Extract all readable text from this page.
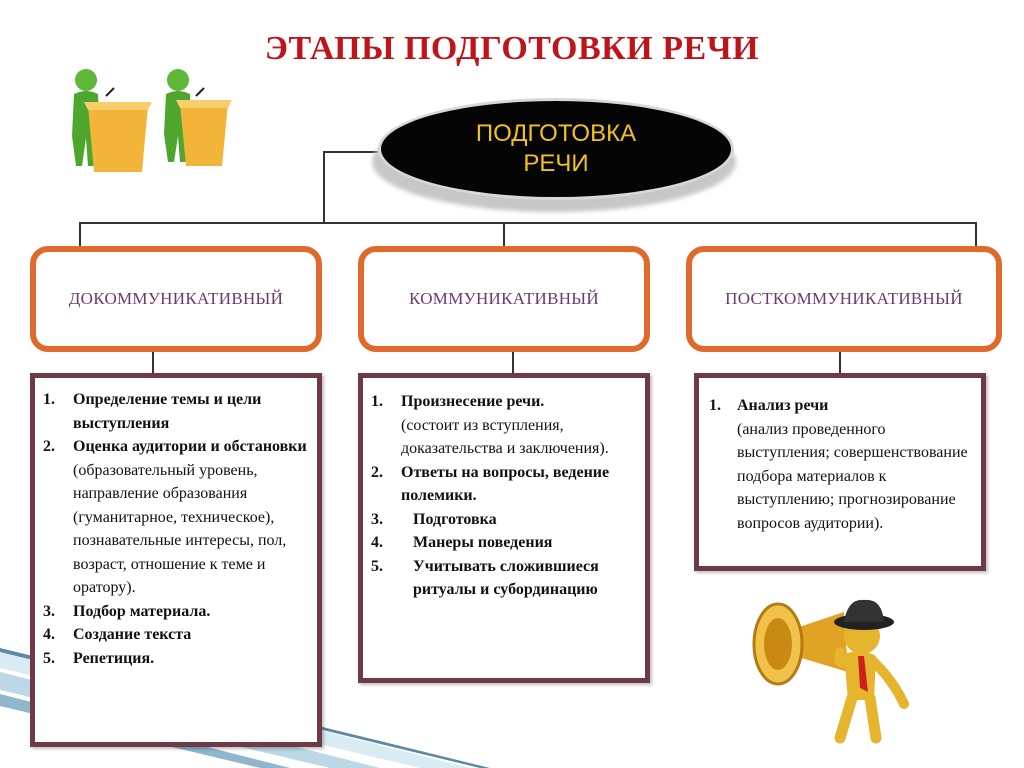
ЭТАПЫ ПОДГОТОВКИ РЕЧИ
ПОДГОТОВКА
РЕЧИ
ДОКОММУНИКАТИВНЫЙ	КОММУНИКАТИВНЫЙ	ПОСТКОММУНИКАТИВНЫЙ
1.	Определение темы и цели выступления
2.	Оценка аудитории и обстановки
(образовательный уровень, направление образования (гуманитарное, техническое), познавательные интересы, пол, возраст, отношение к теме и оратору).
3.	Подбор материала.
4.	Создание текста
5.	Репетиция.
1.	Произнесение речи.
(состоит из вступления, доказательства и заключения).
2.	Ответы на вопросы, ведение полемики.
3.	Подготовка
4.	Манеры поведения
5.	Учитывать сложившиеся ритуалы и субординацию
1.	Анализ речи
(анализ проведенного выступления; совершенствование подбора материалов к выступлению; прогнозирование вопросов аудитории).
